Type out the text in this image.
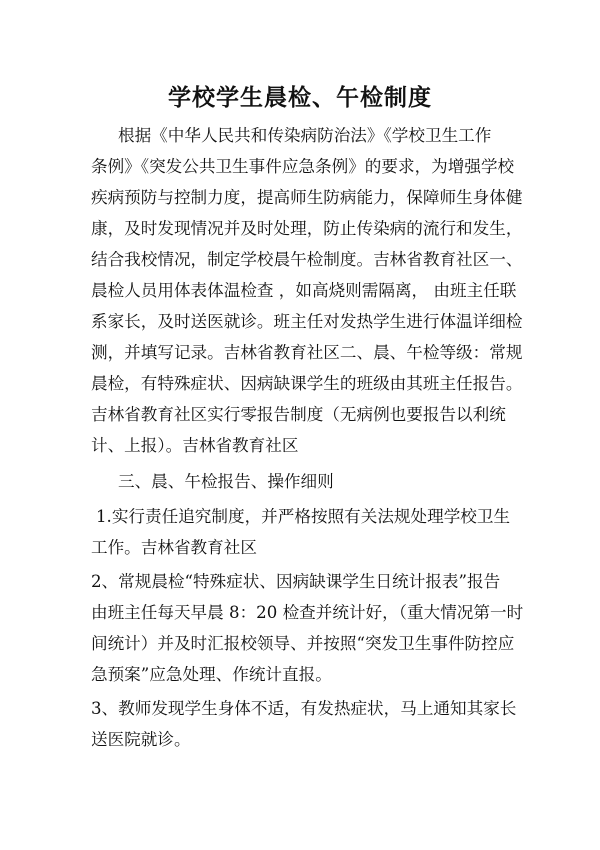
学校学生晨检、午检制度

根据《中华人民共和传染病防治法》《学校卫生工作

条例》《突发公共卫生事件应急条例》的要求，为增强学校

疾病预防与控制力度，提高师生防病能力，保障师生身体健

康，及时发现情况并及时处理，防止传染病的流行和发生，

结合我校情况，制定学校晨午检制度。吉林省教育社区一、

晨检人员用体表体温检查 ，如高烧则需隔离， 由班主任联

系家长，及时送医就诊。班主任对发热学生进行体温详细检

测，并填写记录。吉林省教育社区二、晨、午检等级：常规

晨检，有特殊症状、因病缺课学生的班级由其班主任报告。

吉林省教育社区实行零报告制度（无病例也要报告以利统

计、上报）。吉林省教育社区

三、晨、午检报告、操作细则

1.实行责任追究制度，并严格按照有关法规处理学校卫生

工作。吉林省教育社区

2、常规晨检“特殊症状、因病缺课学生日统计报表”报告

由班主任每天早晨 8：20 检查并统计好，（重大情况第一时

间统计）并及时汇报校领导、并按照“突发卫生事件防控应

急预案”应急处理、作统计直报。

3、教师发现学生身体不适，有发热症状，马上通知其家长

送医院就诊。
